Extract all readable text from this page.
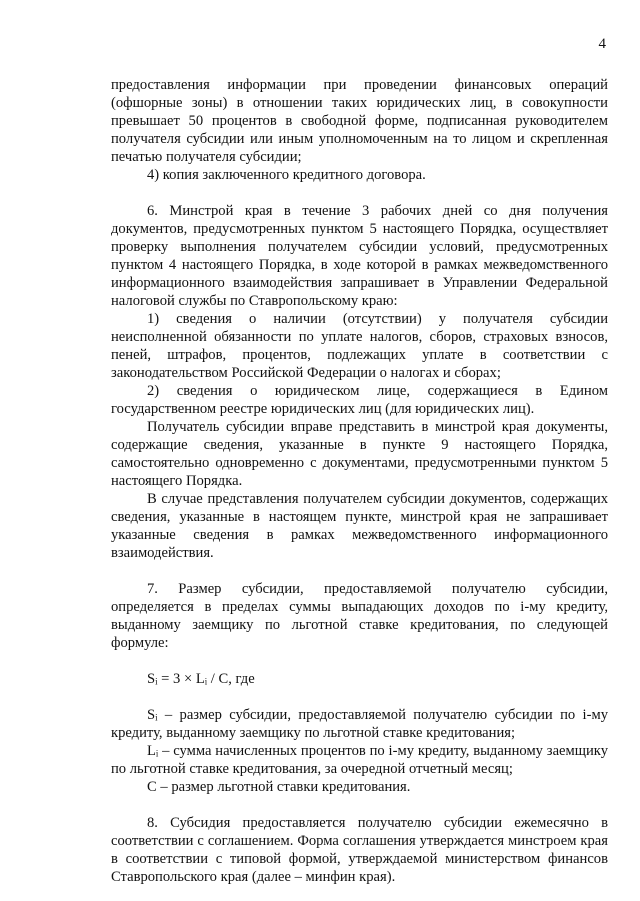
4

предоставления информации при проведении финансовых операций (офшорные зоны) в отношении таких юридических лиц, в совокупности превышает 50 процентов в свободной форме, подписанная руководителем получателя субсидии или иным уполномоченным на то лицом и скрепленная печатью получателя субсидии;

4) копия заключенного кредитного договора.

6. Минстрой края в течение 3 рабочих дней со дня получения документов, предусмотренных пунктом 5 настоящего Порядка, осуществляет проверку выполнения получателем субсидии условий, предусмотренных пунктом 4 настоящего Порядка, в ходе которой в рамках межведомственного информационного взаимодействия запрашивает в Управлении Федеральной налоговой службы по Ставропольскому краю:

1) сведения о наличии (отсутствии) у получателя субсидии неисполненной обязанности по уплате налогов, сборов, страховых взносов, пеней, штрафов, процентов, подлежащих уплате в соответствии с законодательством Российской Федерации о налогах и сборах;

2) сведения о юридическом лице, содержащиеся в Едином государственном реестре юридических лиц (для юридических лиц).

Получатель субсидии вправе представить в минстрой края документы, содержащие сведения, указанные в пункте 9 настоящего Порядка, самостоятельно одновременно с документами, предусмотренными пунктом 5 настоящего Порядка.

В случае представления получателем субсидии документов, содержащих сведения, указанные в настоящем пункте, минстрой края не запрашивает указанные сведения в рамках межведомственного информационного взаимодействия.

7. Размер субсидии, предоставляемой получателю субсидии, определяется в пределах суммы выпадающих доходов по i-му кредиту, выданному заемщику по льготной ставке кредитования, по следующей формуле:

Sᵢ = 3 × Lᵢ / C, где

Sᵢ – размер субсидии, предоставляемой получателю субсидии по i-му кредиту, выданному заемщику по льготной ставке кредитования;

Lᵢ – сумма начисленных процентов по i-му кредиту, выданному заемщику по льготной ставке кредитования, за очередной отчетный месяц;

C – размер льготной ставки кредитования.

8. Субсидия предоставляется получателю субсидии ежемесячно в соответствии с соглашением. Форма соглашения утверждается минстроем края в соответствии с типовой формой, утверждаемой министерством финансов Ставропольского края (далее – минфин края).
